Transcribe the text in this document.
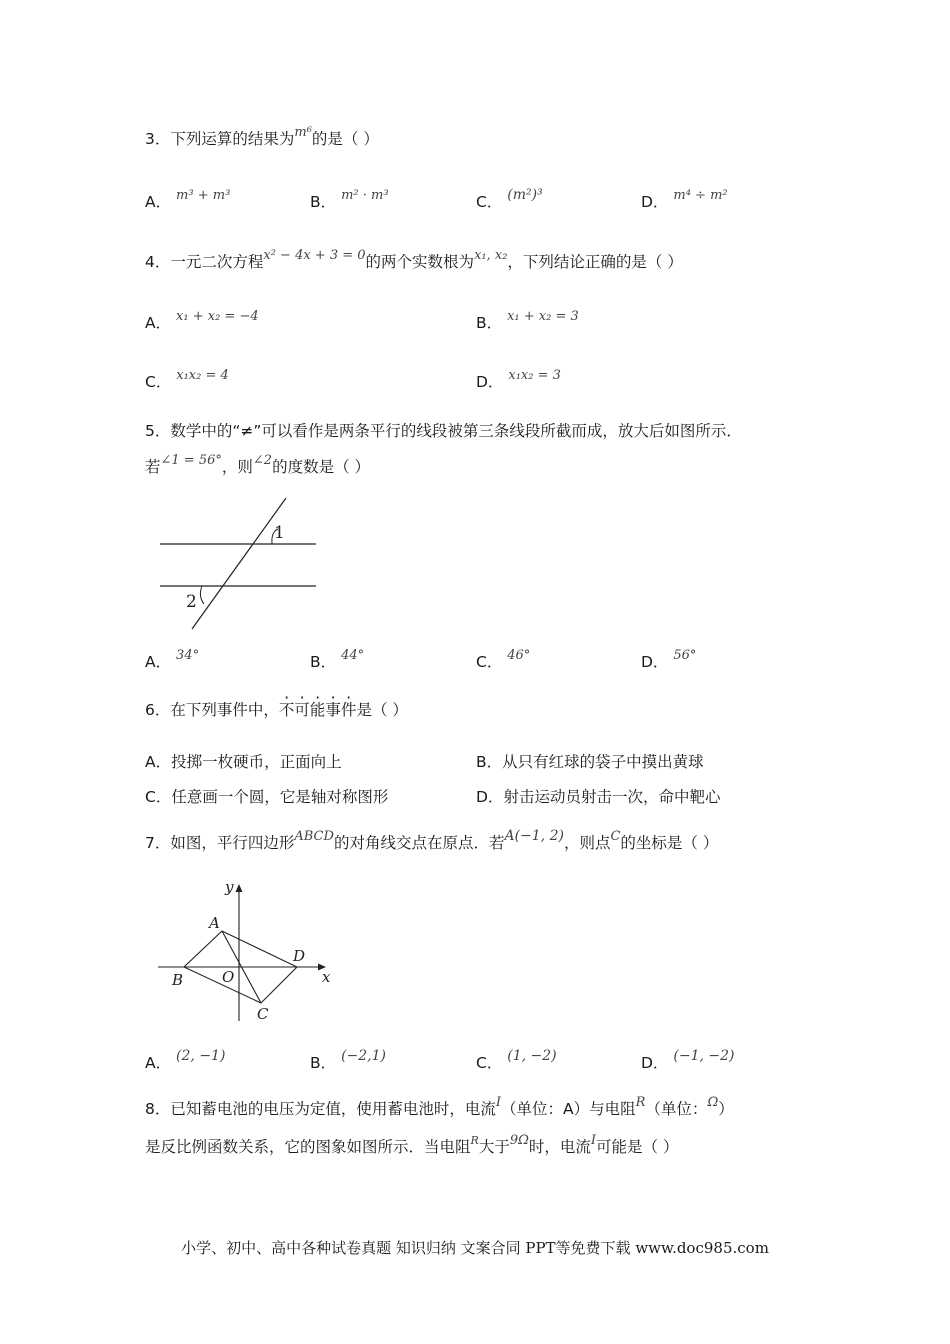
3．下列运算的结果为$^{m^6}$的是（ ）
A． $^{m^3 + m^3}$	B． $^{m^2 \cdot m^3}$	C． (m²)³	D． $^{m^4 \div m^2}$
4．一元二次方程$^{x^2 - 4x + 3 = 0}$的两个实数根为$^{x_1, x_2}$，下列结论正确的是（ ）
A． $^{x_1 + x_2 = -4}$	B． $^{x_1 + x_2 = 3}$
C． $^{x_1x_2 = 4}$	D． $^{x_1x_2 = 3}$
5．数学中的“≠”可以看作是两条平行的线段被第三条线段所截而成，放大后如图所示．
若$^{\angle 1 = 56^\circ}$，则$^{\angle 2}$的度数是（ ）
1
2
A． $^{34^\circ}$	B． $^{44^\circ}$	C． $^{46^\circ}$	D． $^{56^\circ}$
6．在下列事件中，不可能事件是（ ）
A．投掷一枚硬币，正面向上	B．从只有红球的袋子中摸出黄球
C．任意画一个圆，它是轴对称图形	D．射击运动员射击一次，命中靶心
7．如图，平行四边形$^{ABCD}$的对角线交点在原点．若A(−1, 2)，则点$^C$的坐标是（ ）
y
x
A
B
C
D
O
A． (2, −1)	B． (−2,1)	C． (1, −2)	D． (−1, −2)
8．已知蓄电池的电压为定值，使用蓄电池时，电流$^I$（单位：A）与电阻$^R$（单位：$^\Omega$）
是反比例函数关系，它的图象如图所示．当电阻$^R$大于$^{9\Omega}$时，电流$^I$可能是（ ）
小学、初中、高中各种试卷真题 知识归纳 文案合同 PPT等免费下载 www.doc985.com
